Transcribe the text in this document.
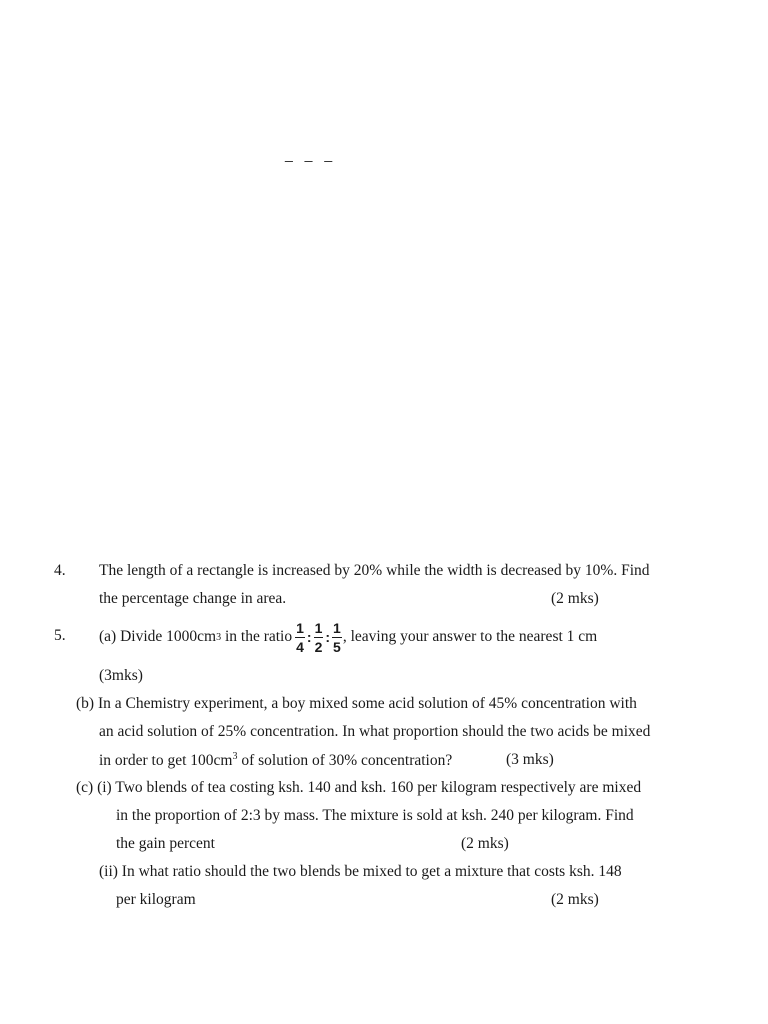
_ _ _
4. The length of a rectangle is increased by 20% while the width is decreased by 10%. Find
the percentage change in area.	(2 mks)
5. (a) Divide 1000cm 3 in the ratio $\frac{1}{4}$ : $\frac{1}{2}$ : $\frac{1}{5}$ , leaving your answer to the nearest 1 cm
(3mks)
(b) In a Chemistry experiment, a boy mixed some acid solution of 45% concentration with
an acid solution of 25% concentration. In what proportion should the two acids be mixed
in order to get $100cm^3$ of solution of 30% concentration?	(3 mks)
(c) (i) Two blends of tea costing ksh. 140 and ksh. 160 per kilogram respectively are mixed
in the proportion of 2:3 by mass. The mixture is sold at ksh. 240 per kilogram. Find
the gain percent	(2 mks)
(ii) In what ratio should the two blends be mixed to get a mixture that costs ksh. 148
per kilogram	(2 mks)
